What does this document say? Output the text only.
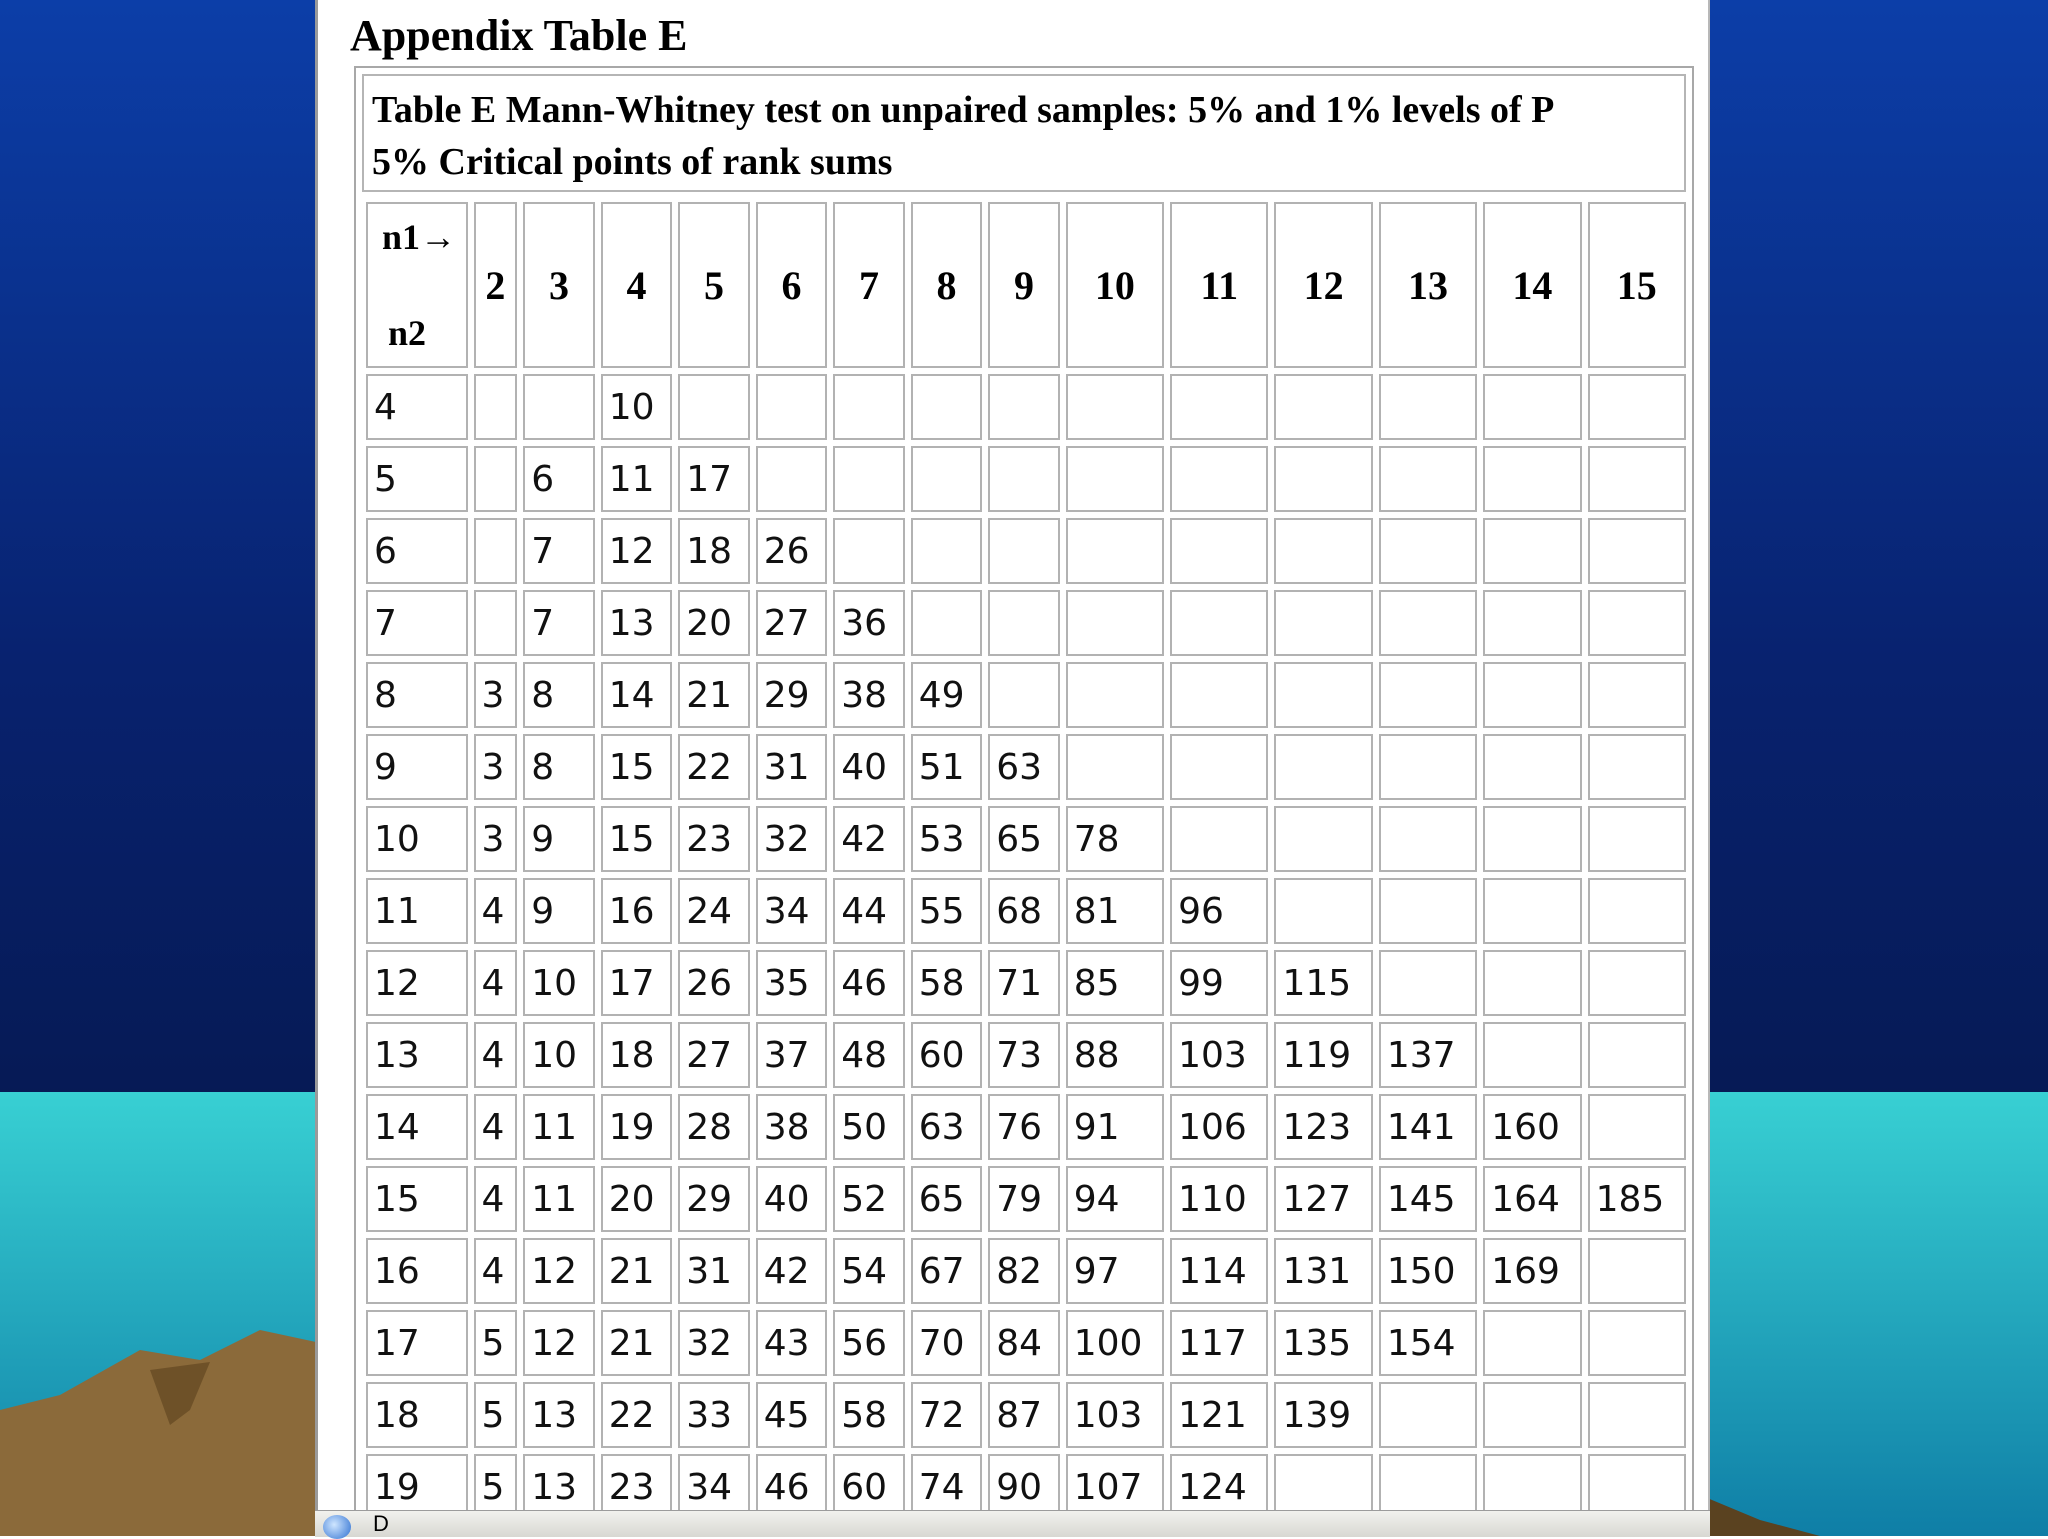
Appendix Table E
Table E Mann-Whitney test on unpaired samples: 5% and 1% levels of P
5% Critical points of rank sums
n1→
n2	2	3	4	5	6	7	8	9	10	11	12	13	14	15
4			10											
5		6	11	17										
6		7	12	18	26									
7		7	13	20	27	36								
8	3	8	14	21	29	38	49							
9	3	8	15	22	31	40	51	63						
10	3	9	15	23	32	42	53	65	78					
11	4	9	16	24	34	44	55	68	81	96				
12	4	10	17	26	35	46	58	71	85	99	115			
13	4	10	18	27	37	48	60	73	88	103	119	137		
14	4	11	19	28	38	50	63	76	91	106	123	141	160	
15	4	11	20	29	40	52	65	79	94	110	127	145	164	185
16	4	12	21	31	42	54	67	82	97	114	131	150	169	
17	5	12	21	32	43	56	70	84	100	117	135	154		
18	5	13	22	33	45	58	72	87	103	121	139			
19	5	13	23	34	46	60	74	90	107	124				
D
